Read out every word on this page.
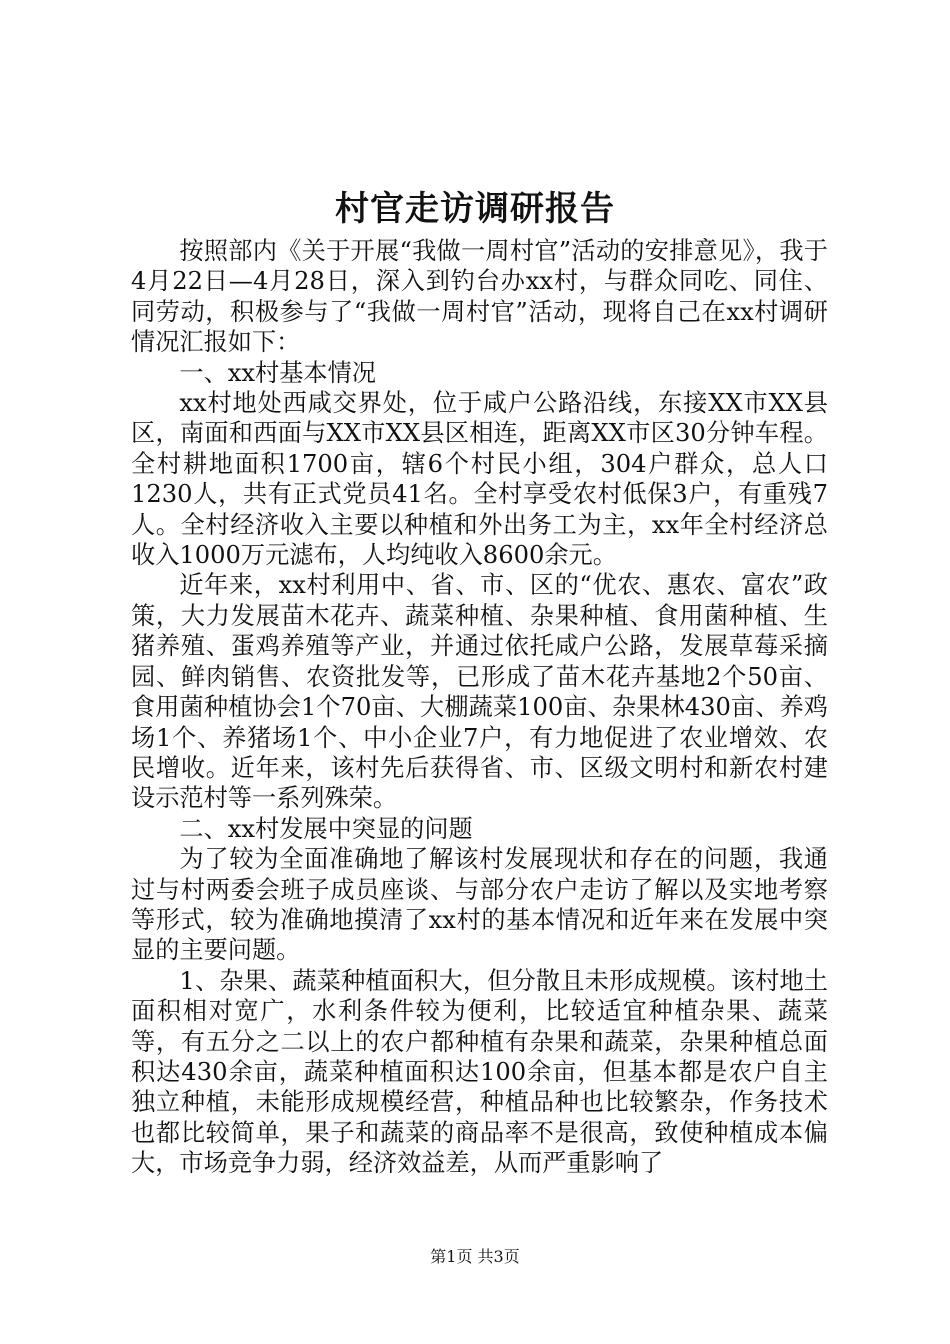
村官走访调研报告

按照部内《关于开展“我做一周村官”活动的安排意见》，我于4月22日—4月28日，深入到钓台办xx村，与群众同吃、同住、同劳动，积极参与了“我做一周村官”活动，现将自己在xx村调研情况汇报如下：

一、xx村基本情况

xx村地处西咸交界处，位于咸户公路沿线，东接XX市XX县区，南面和西面与XX市XX县区相连，距离XX市区30分钟车程。全村耕地面积1700亩，辖6个村民小组，304户群众，总人口1230人，共有正式党员41名。全村享受农村低保3户，有重残7人。全村经济收入主要以种植和外出务工为主，xx年全村经济总收入1000万元滤布，人均纯收入8600余元。

近年来，xx村利用中、省、市、区的“优农、惠农、富农”政策，大力发展苗木花卉、蔬菜种植、杂果种植、食用菌种植、生猪养殖、蛋鸡养殖等产业，并通过依托咸户公路，发展草莓采摘园、鲜肉销售、农资批发等，已形成了苗木花卉基地2个50亩、食用菌种植协会1个70亩、大棚蔬菜100亩、杂果林430亩、养鸡场1个、养猪场1个、中小企业7户，有力地促进了农业增效、农民增收。近年来，该村先后获得省、市、区级文明村和新农村建设示范村等一系列殊荣。

二、xx村发展中突显的问题

为了较为全面准确地了解该村发展现状和存在的问题，我通过与村两委会班子成员座谈、与部分农户走访了解以及实地考察等形式，较为准确地摸清了xx村的基本情况和近年来在发展中突显的主要问题。

1、杂果、蔬菜种植面积大，但分散且未形成规模。该村地土面积相对宽广，水利条件较为便利，比较适宜种植杂果、蔬菜等，有五分之二以上的农户都种植有杂果和蔬菜，杂果种植总面积达430余亩，蔬菜种植面积达100余亩，但基本都是农户自主独立种植，未能形成规模经营，种植品种也比较繁杂，作务技术也都比较简单，果子和蔬菜的商品率不是很高，致使种植成本偏大，市场竞争力弱，经济效益差，从而严重影响了

第1页 共3页
